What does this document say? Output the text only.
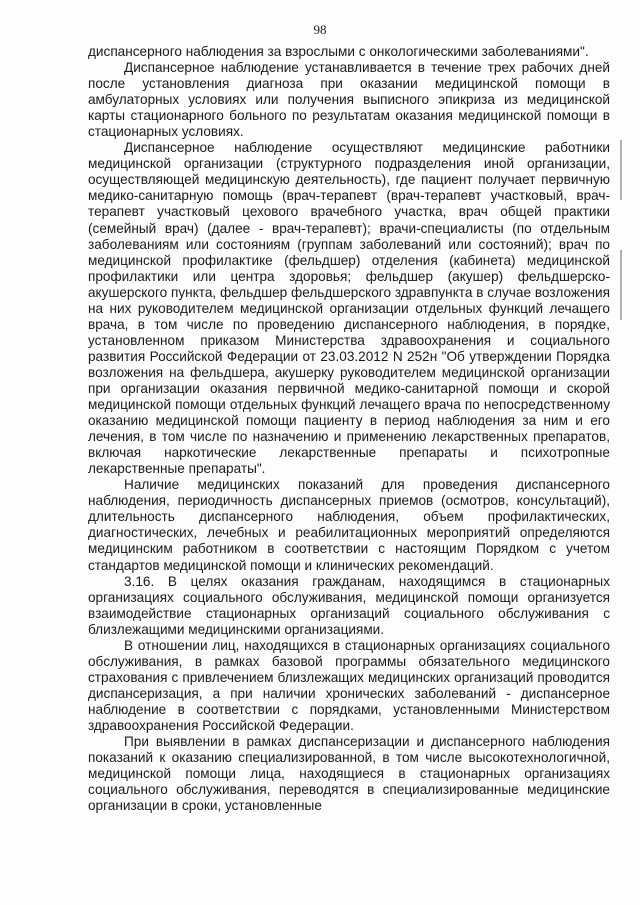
98

диспансерного наблюдения за взрослыми с онкологическими заболеваниями".

Диспансерное наблюдение устанавливается в течение трех рабочих дней после установления диагноза при оказании медицинской помощи в амбулаторных условиях или получения выписного эпикриза из медицинской карты стационарного больного по результатам оказания медицинской помощи в стационарных условиях.

Диспансерное наблюдение осуществляют медицинские работники медицинской организации (структурного подразделения иной организации, осуществляющей медицинскую деятельность), где пациент получает первичную медико-санитарную помощь (врач-терапевт (врач-терапевт участковый, врач-терапевт участковый цехового врачебного участка, врач общей практики (семейный врач) (далее - врач-терапевт); врачи-специалисты (по отдельным заболеваниям или состояниям (группам заболеваний или состояний); врач по медицинской профилактике (фельдшер) отделения (кабинета) медицинской профилактики или центра здоровья; фельдшер (акушер) фельдшерско-акушерского пункта, фельдшер фельдшерского здравпункта в случае возложения на них руководителем медицинской организации отдельных функций лечащего врача, в том числе по проведению диспансерного наблюдения, в порядке, установленном приказом Министерства здравоохранения и социального развития Российской Федерации от 23.03.2012 N 252н "Об утверждении Порядка возложения на фельдшера, акушерку руководителем медицинской организации при организации оказания первичной медико-санитарной помощи и скорой медицинской помощи отдельных функций лечащего врача по непосредственному оказанию медицинской помощи пациенту в период наблюдения за ним и его лечения, в том числе по назначению и применению лекарственных препаратов, включая наркотические лекарственные препараты и психотропные лекарственные препараты".

Наличие медицинских показаний для проведения диспансерного наблюдения, периодичность диспансерных приемов (осмотров, консультаций), длительность диспансерного наблюдения, объем профилактических, диагностических, лечебных и реабилитационных мероприятий определяются медицинским работником в соответствии с настоящим Порядком с учетом стандартов медицинской помощи и клинических рекомендаций.

3.16. В целях оказания гражданам, находящимся в стационарных организациях социального обслуживания, медицинской помощи организуется взаимодействие стационарных организаций социального обслуживания с близлежащими медицинскими организациями.

В отношении лиц, находящихся в стационарных организациях социального обслуживания, в рамках базовой программы обязательного медицинского страхования с привлечением близлежащих медицинских организаций проводится диспансеризация, а при наличии хронических заболеваний - диспансерное наблюдение в соответствии с порядками, установленными Министерством здравоохранения Российской Федерации.

При выявлении в рамках диспансеризации и диспансерного наблюдения показаний к оказанию специализированной, в том числе высокотехнологичной, медицинской помощи лица, находящиеся в стационарных организациях социального обслуживания, переводятся в специализированные медицинские организации в сроки, установленные
